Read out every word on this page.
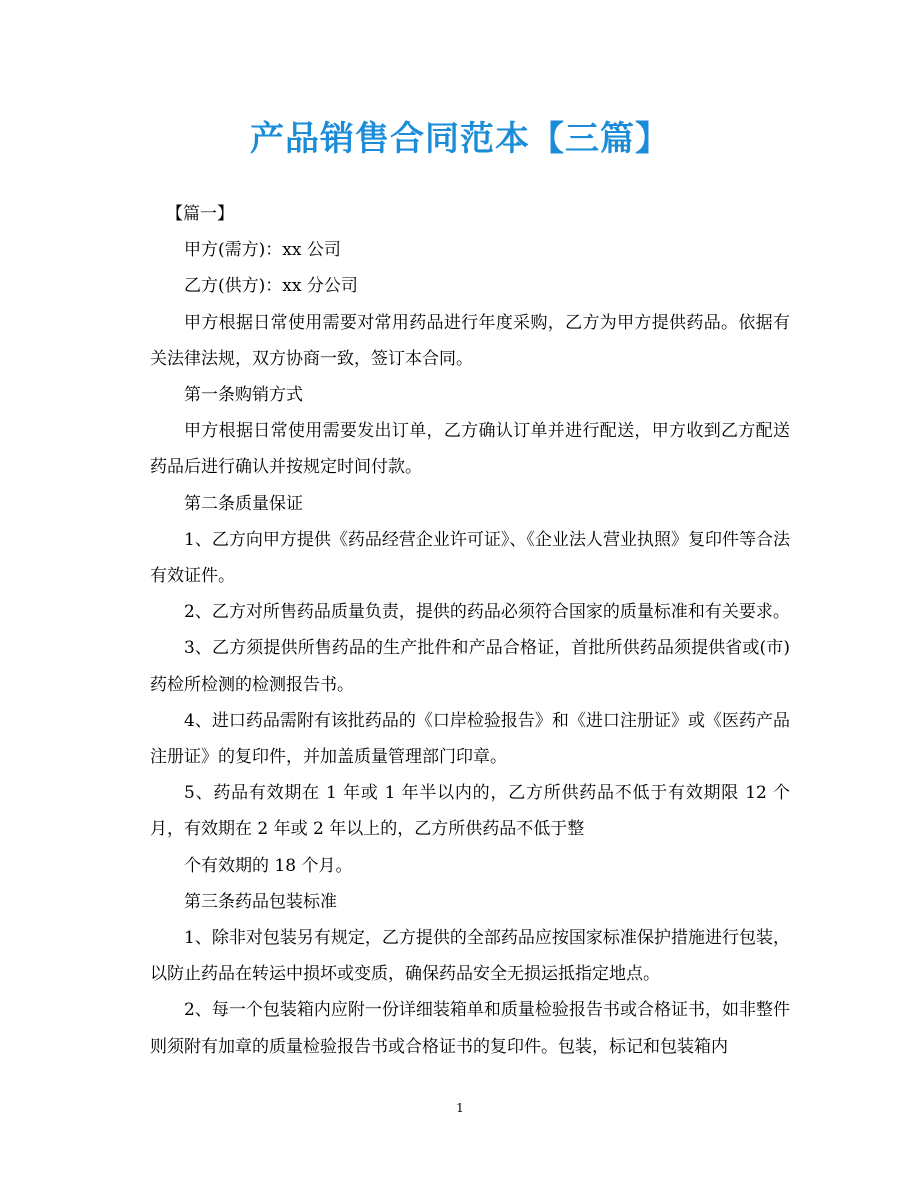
产品销售合同范本【三篇】

【篇一】

甲方(需方)：xx 公司

乙方(供方)：xx 分公司

甲方根据日常使用需要对常用药品进行年度采购，乙方为甲方提供药品。依据有关法律法规，双方协商一致，签订本合同。

第一条购销方式

甲方根据日常使用需要发出订单，乙方确认订单并进行配送，甲方收到乙方配送药品后进行确认并按规定时间付款。

第二条质量保证

1、乙方向甲方提供《药品经营企业许可证》、《企业法人营业执照》复印件等合法有效证件。

2、乙方对所售药品质量负责，提供的药品必须符合国家的质量标准和有关要求。

3、乙方须提供所售药品的生产批件和产品合格证，首批所供药品须提供省或(市)药检所检测的检测报告书。

4、进口药品需附有该批药品的《口岸检验报告》和《进口注册证》或《医药产品注册证》的复印件，并加盖质量管理部门印章。

5、药品有效期在 1 年或 1 年半以内的，乙方所供药品不低于有效期限 12 个月，有效期在 2 年或 2 年以上的，乙方所供药品不低于整

个有效期的 18 个月。

第三条药品包装标准

1、除非对包装另有规定，乙方提供的全部药品应按国家标准保护措施进行包装，以防止药品在转运中损坏或变质，确保药品安全无损运抵指定地点。

2、每一个包装箱内应附一份详细装箱单和质量检验报告书或合格证书，如非整件则须附有加章的质量检验报告书或合格证书的复印件。包装，标记和包装箱内

1
